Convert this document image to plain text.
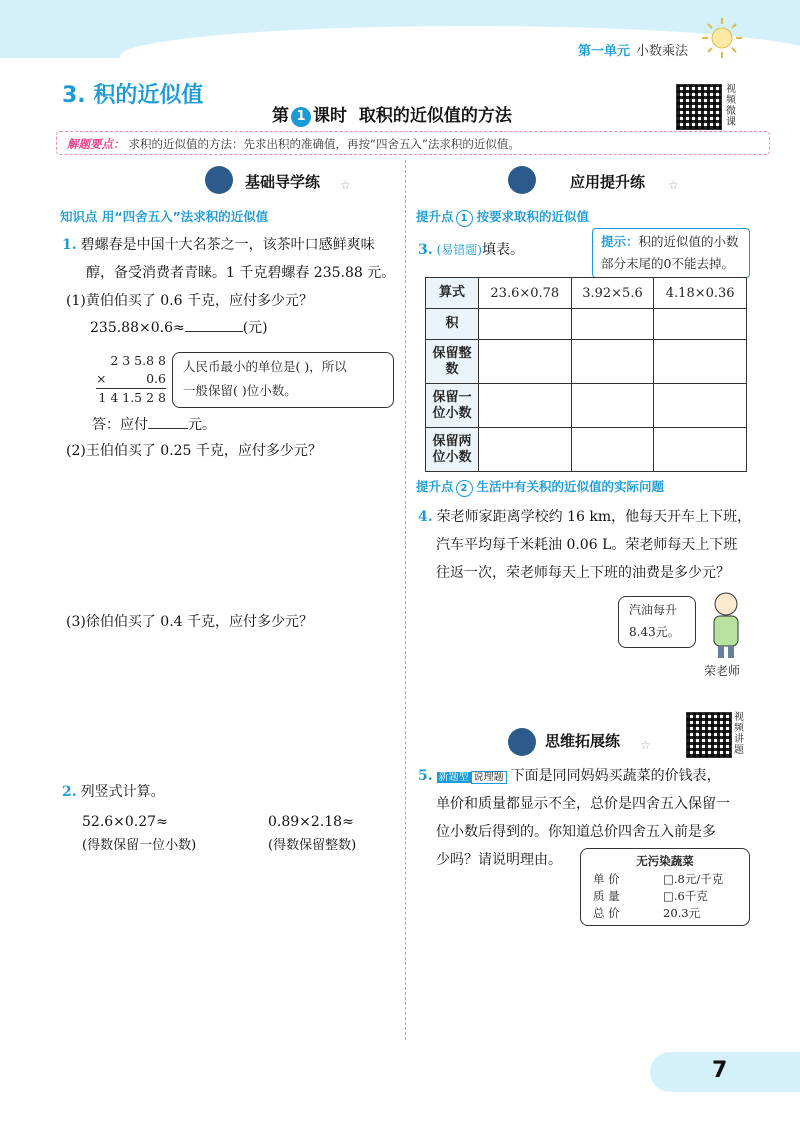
第一单元 小数乘法
3. 积的近似值
第 1 课时 取积的近似值的方法
视频微课
解题要点： 求积的近似值的方法：先求出积的准确值，再按“四舍五入”法求积的近似值。
基础导学练 ☆
知识点 用“四舍五入”法求积的近似值
1. 碧螺春是中国十大名茶之一，该茶叶口感鲜爽味
醇，备受消费者青睐。1 千克碧螺春 235.88 元。
(1)黄伯伯买了 0.6 千克，应付多少元？
235.88×0.6≈	(元)
2 3 5.8 8
×	0.6
1 4 1.5 2 8
人民币最小的单位是( )，所以
一般保留( )位小数。
答：应付	元。
(2)王伯伯买了 0.25 千克，应付多少元？
(3)徐伯伯买了 0.4 千克，应付多少元？
2. 列竖式计算。
52.6×0.27≈
(得数保留一位小数)
0.89×2.18≈
(得数保留整数)
应用提升练 ☆
提升点 1 按要求取积的近似值
3. (易错题)填表。
提示：积的近似值的小数
部分末尾的0不能去掉。
算式	23.6×0.78	3.92×5.6	4.18×0.36
积			
保留整数			
保留一位小数			
保留两位小数			
提升点 2 生活中有关积的近似值的实际问题
4. 荣老师家距离学校约 16 km，他每天开车上下班，
汽车平均每千米耗油 0.06 L。荣老师每天上下班
往返一次，荣老师每天上下班的油费是多少元？
汽油每升
8.43元。
荣老师
思维拓展练 ☆
视频讲题
5. 新题型 说理题 下面是同同妈妈买蔬菜的价钱表，
单价和质量都显示不全，总价是四舍五入保留一
位小数后得到的。你知道总价四舍五入前是多
少吗？请说明理由。	无污染蔬菜
单 价	□.8元/千克
质 量	□.6千克
总 价	20.3元
7
